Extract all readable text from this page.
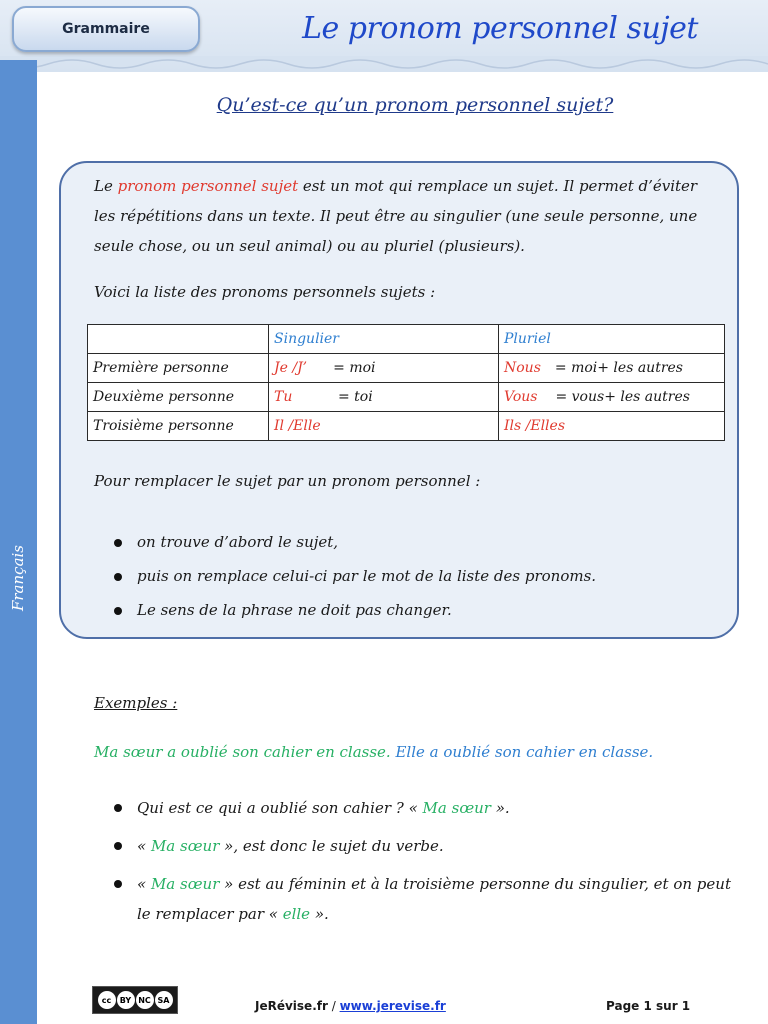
Grammaire	Le pronom personnel sujet
Français
Qu’est-ce qu’un pronom personnel sujet?
Le pronom personnel sujet est un mot qui remplace un sujet. Il permet d’éviter les répétitions dans un texte. Il peut être au singulier (une seule personne, une seule chose, ou un seul animal) ou au pluriel (plusieurs).
Voici la liste des pronoms personnels sujets :
	Singulier	Pluriel
Première personne	Je /J’ = moi	Nous = moi+ les autres
Deuxième personne	Tu = toi	Vous = vous+ les autres
Troisième personne	Il /Elle	Ils /Elles
Pour remplacer le sujet par un pronom personnel :
on trouve d’abord le sujet,
puis on remplace celui-ci par le mot de la liste des pronoms.
Le sens de la phrase ne doit pas changer.
Exemples :
Ma sœur a oublié son cahier en classe. Elle a oublié son cahier en classe.
Qui est ce qui a oublié son cahier ? « Ma sœur ».
« Ma sœur », est donc le sujet du verbe.
« Ma sœur » est au féminin et à la troisième personne du singulier, et on peut le remplacer par « elle ».
cc	BY NC SA	JeRévise.fr / www.jerevise.fr	Page 1 sur 1
